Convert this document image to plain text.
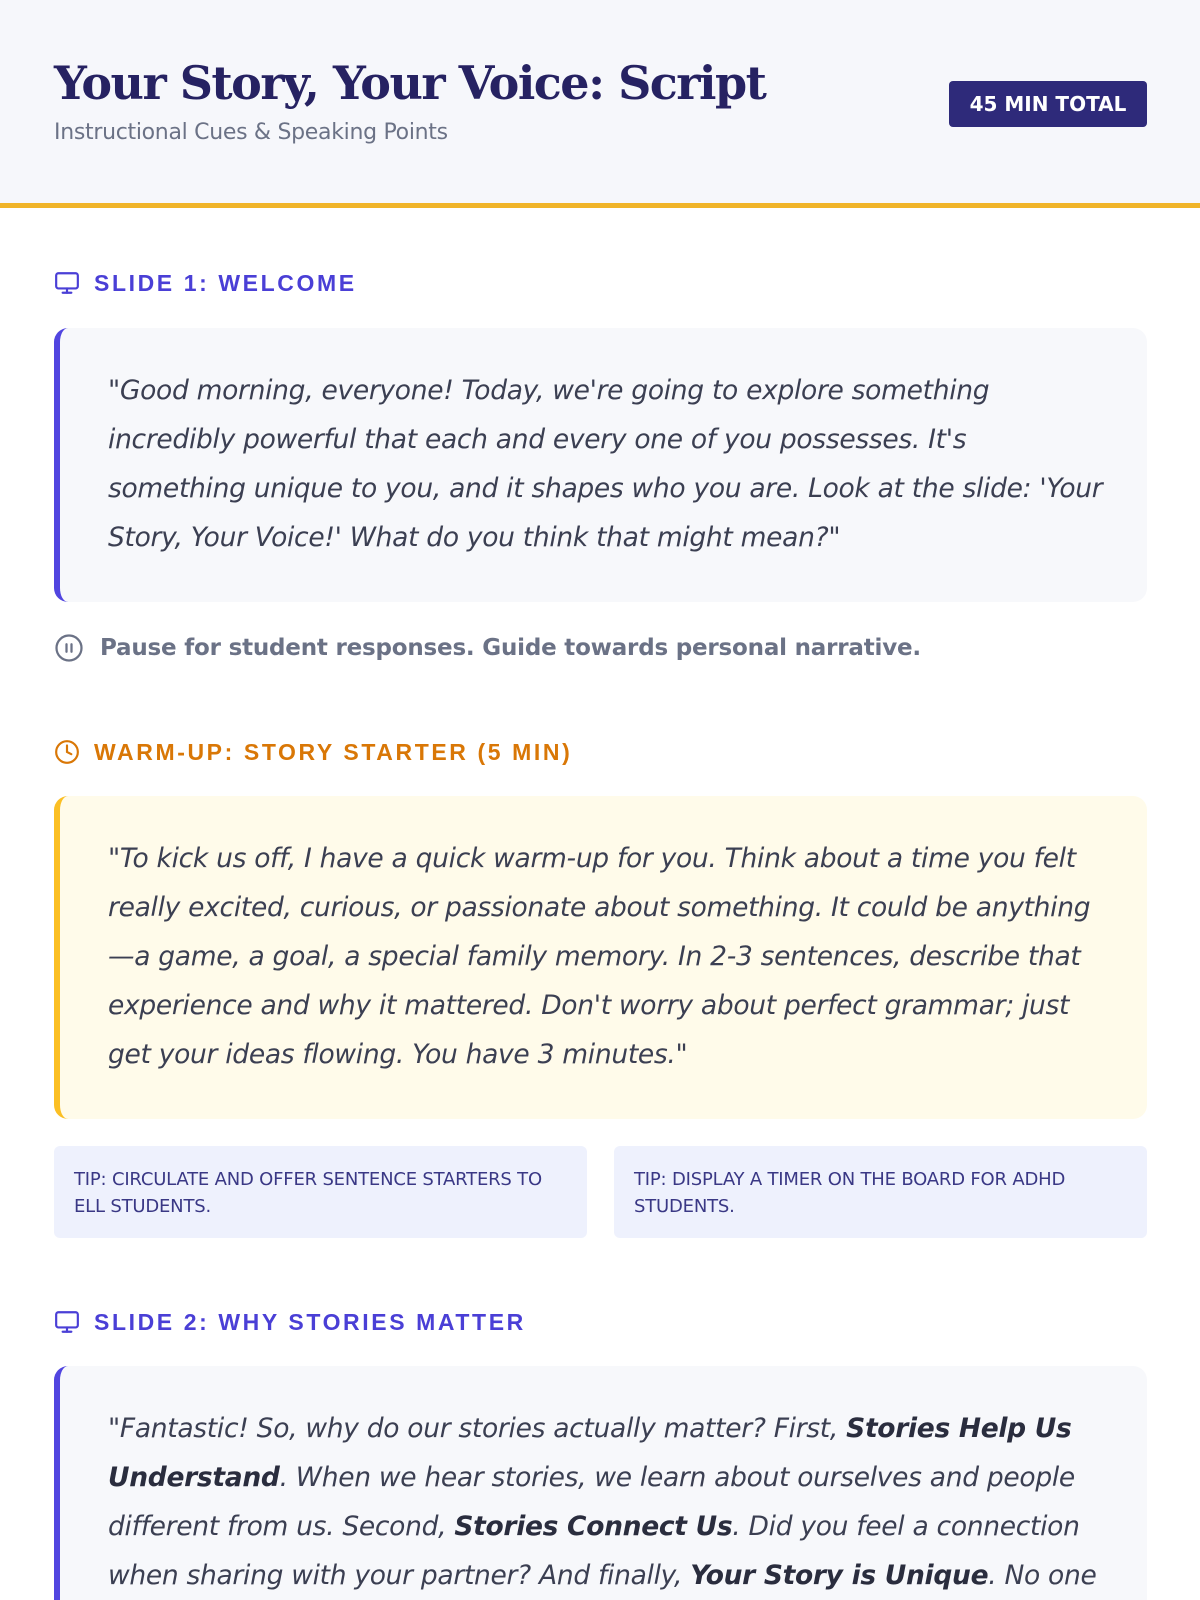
Your Story, Your Voice: Script
Instructional Cues & Speaking Points
45 MIN TOTAL
SLIDE 1: WELCOME
"Good morning, everyone! Today, we're going to explore something incredibly powerful that each and every one of you possesses. It's something unique to you, and it shapes who you are. Look at the slide: 'Your Story, Your Voice!' What do you think that might mean?"
Pause for student responses. Guide towards personal narrative.
WARM-UP: STORY STARTER (5 MIN)
"To kick us off, I have a quick warm-up for you. Think about a time you felt really excited, curious, or passionate about something. It could be anything—a game, a goal, a special family memory. In 2-3 sentences, describe that experience and why it mattered. Don't worry about perfect grammar; just get your ideas flowing. You have 3 minutes."
TIP: CIRCULATE AND OFFER SENTENCE STARTERS TO ELL STUDENTS.
TIP: DISPLAY A TIMER ON THE BOARD FOR ADHD STUDENTS.
SLIDE 2: WHY STORIES MATTER
"Fantastic! So, why do our stories actually matter? First, Stories Help Us Understand. When we hear stories, we learn about ourselves and people different from us. Second, Stories Connect Us. Did you feel a connection when sharing with your partner? And finally, Your Story is Unique. No one
